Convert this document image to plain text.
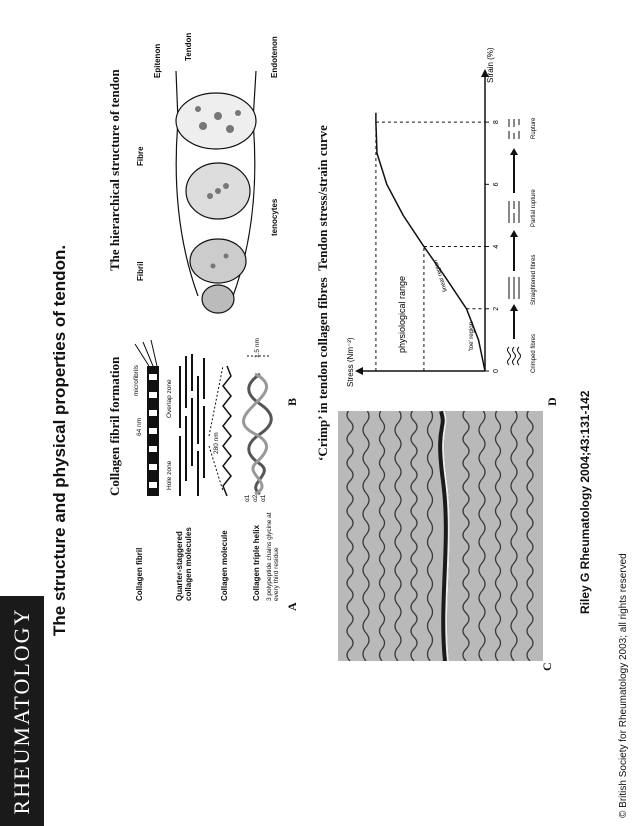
RHEUMATOLOGY
The structure and physical properties of tendon.	Collagen fibril formation
A
Collagen fibril	Quarter-staggered collagen molecules	Collagen molecule	Collagen triple helix 3 polypeptide chains glycine at every third residue
64 nm
microfibrils
Hole zone
Overlap zone
280 nm
α1 α2 α1
1.5 nm
The hierarchical structure of tendon
B
Epitenon	Tendon	Endotenon
Fibre
Fibril
tenocytes
‘Crimp’ in tendon collagen fibres
C
Riley G Rheumatology 2004;43:131-142
Tendon stress/strain curve
D
Stress (Nm⁻²)
Strain (%)
0
2
4
6
8
physiological range
linear region
'toe' region	Crimped fibres
Straightened fibres
Partial rupture
Rupture
© British Society for Rheumatology 2003; all rights reserved
